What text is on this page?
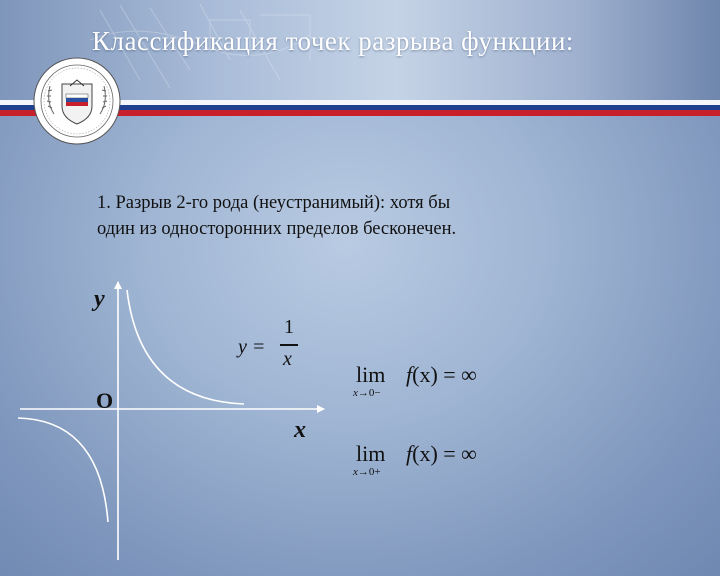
Классификация точек разрыва функции:
1. Разрыв 2-го рода (неустранимый): хотя бы
один из односторонних пределов бесконечен.
y
x
O
y =
1
x
lim f(x) = ∞
x→0−
lim f(x) = ∞
x→0+
